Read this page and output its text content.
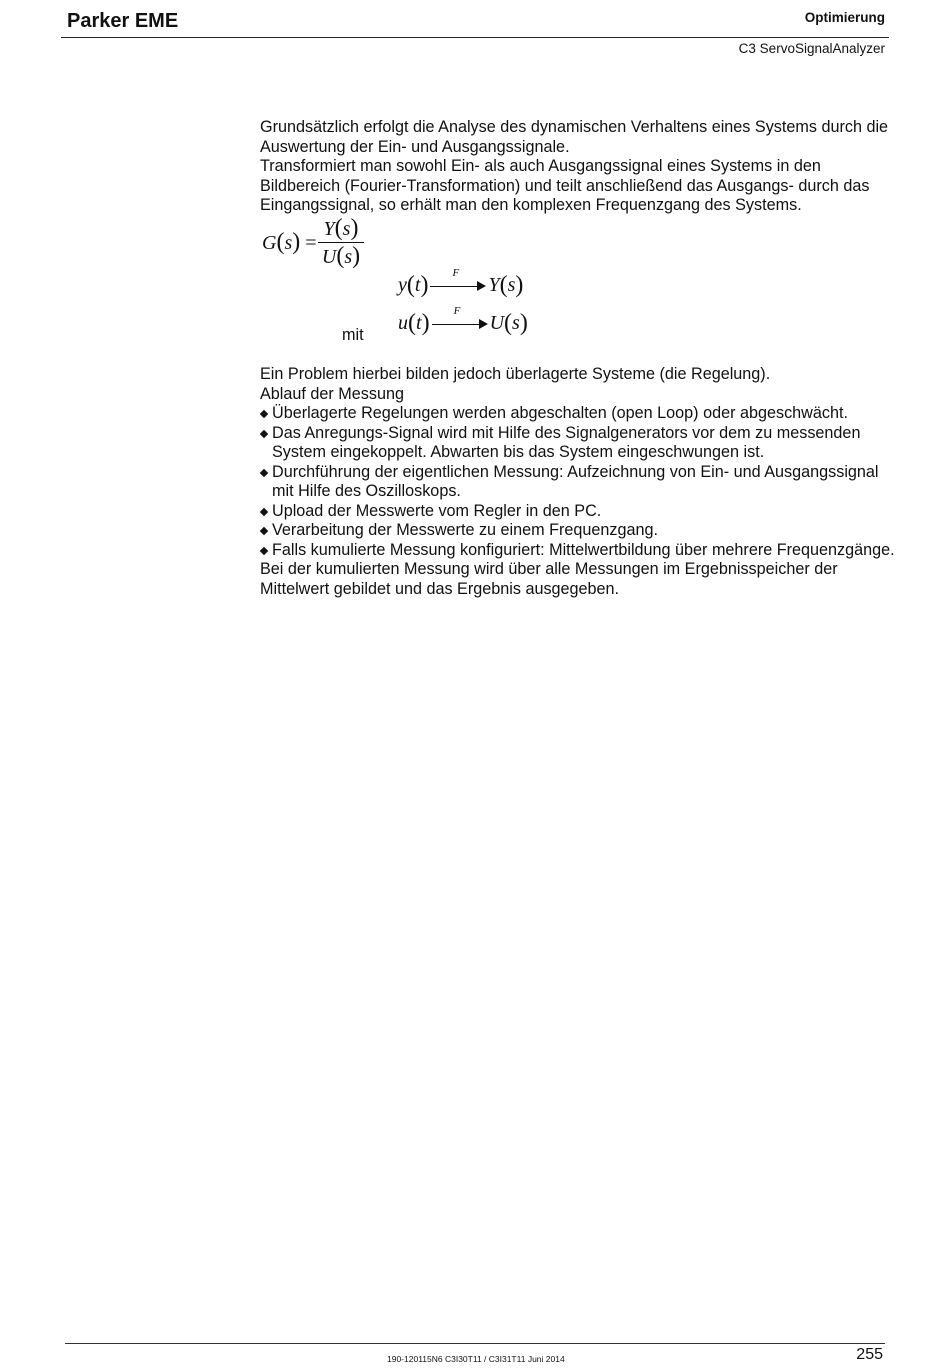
Parker EME	Optimierung
C3 ServoSignalAnalyzer

Grundsätzlich erfolgt die Analyse des dynamischen Verhaltens eines Systems durch die Auswertung der Ein- und Ausgangssignale.

Transformiert man sowohl Ein- als auch Ausgangssignal eines Systems in den Bildbereich (Fourier-Transformation) und teilt anschließend das Ausgangs- durch das Eingangssignal, so erhält man den komplexen Frequenzgang des Systems.

G(s) =
Y(s)
U(s)
y ( t ) F
Y ( s )
mit
u ( t ) F
U ( s )

Ein Problem hierbei bilden jedoch überlagerte Systeme (die Regelung).

Ablauf der Messung

Überlagerte Regelungen werden abgeschalten (open Loop) oder abgeschwächt.
Das Anregungs-Signal wird mit Hilfe des Signalgenerators vor dem zu messenden System eingekoppelt. Abwarten bis das System eingeschwungen ist.
Durchführung der eigentlichen Messung: Aufzeichnung von Ein- und Ausgangssignal mit Hilfe des Oszilloskops.
Upload der Messwerte vom Regler in den PC.
Verarbeitung der Messwerte zu einem Frequenzgang.
Falls kumulierte Messung konfiguriert: Mittelwertbildung über mehrere Frequenzgänge.

Bei der kumulierten Messung wird über alle Messungen im Ergebnisspeicher der Mittelwert gebildet und das Ergebnis ausgegeben.

190-120115N6 C3I30T11 / C3I31T11 Juni 2014	255
